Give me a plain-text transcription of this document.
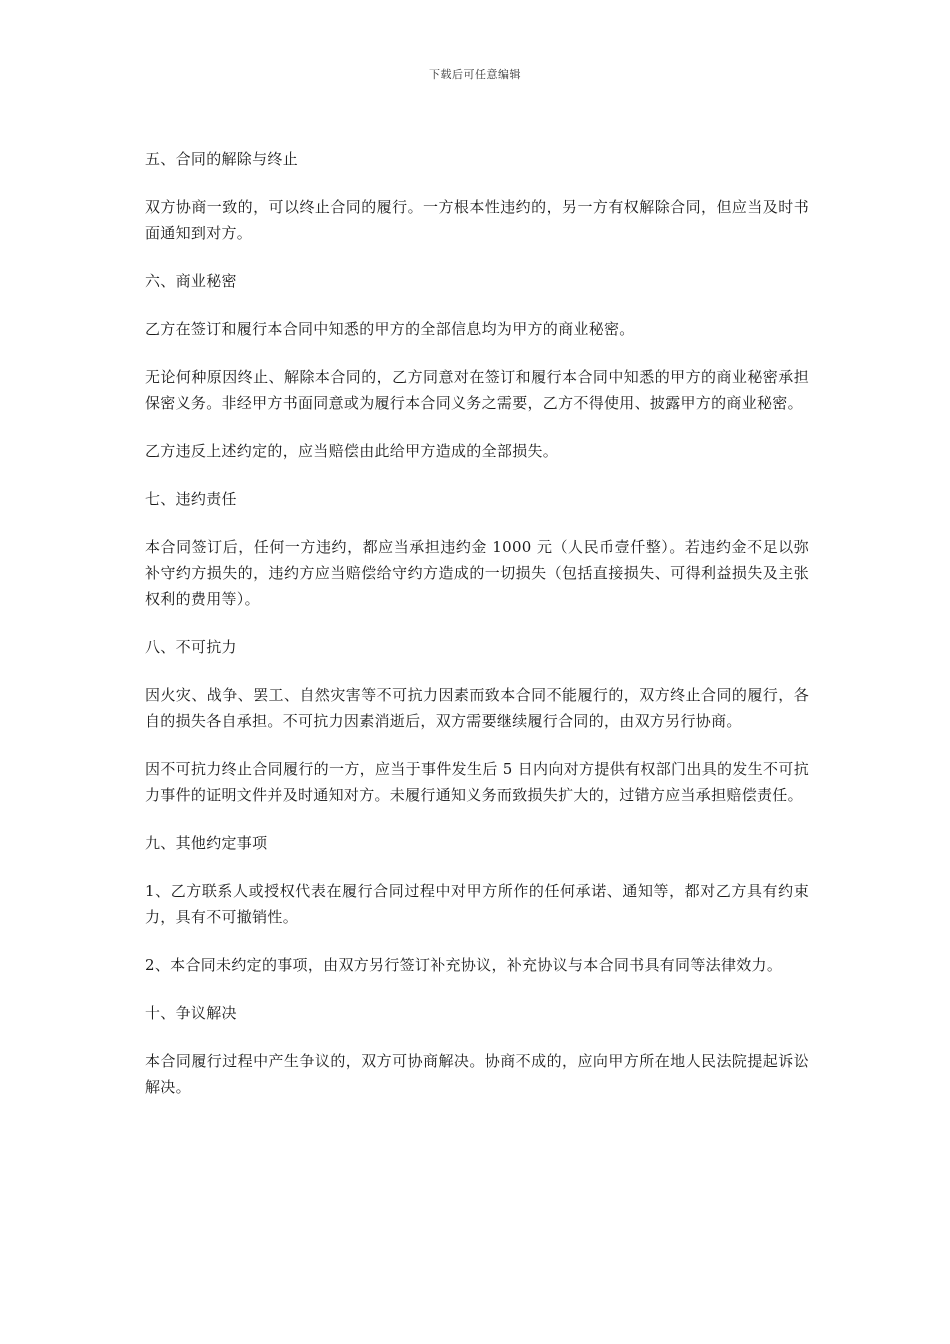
下载后可任意编辑

五、合同的解除与终止

双方协商一致的，可以终止合同的履行。一方根本性违约的，另一方有权解除合同，但应当及时书面通知到对方。

六、商业秘密

乙方在签订和履行本合同中知悉的甲方的全部信息均为甲方的商业秘密。

无论何种原因终止、解除本合同的，乙方同意对在签订和履行本合同中知悉的甲方的商业秘密承担保密义务。非经甲方书面同意或为履行本合同义务之需要，乙方不得使用、披露甲方的商业秘密。

乙方违反上述约定的，应当赔偿由此给甲方造成的全部损失。

七、违约责任

本合同签订后，任何一方违约，都应当承担违约金 1000 元（人民币壹仟整）。若违约金不足以弥补守约方损失的，违约方应当赔偿给守约方造成的一切损失（包括直接损失、可得利益损失及主张权利的费用等）。

八、不可抗力

因火灾、战争、罢工、自然灾害等不可抗力因素而致本合同不能履行的，双方终止合同的履行，各自的损失各自承担。不可抗力因素消逝后，双方需要继续履行合同的，由双方另行协商。

因不可抗力终止合同履行的一方，应当于事件发生后 5 日内向对方提供有权部门出具的发生不可抗力事件的证明文件并及时通知对方。未履行通知义务而致损失扩大的，过错方应当承担赔偿责任。

九、其他约定事项

1、乙方联系人或授权代表在履行合同过程中对甲方所作的任何承诺、通知等，都对乙方具有约束力，具有不可撤销性。

2、本合同未约定的事项，由双方另行签订补充协议，补充协议与本合同书具有同等法律效力。

十、争议解决

本合同履行过程中产生争议的，双方可协商解决。协商不成的，应向甲方所在地人民法院提起诉讼解决。
